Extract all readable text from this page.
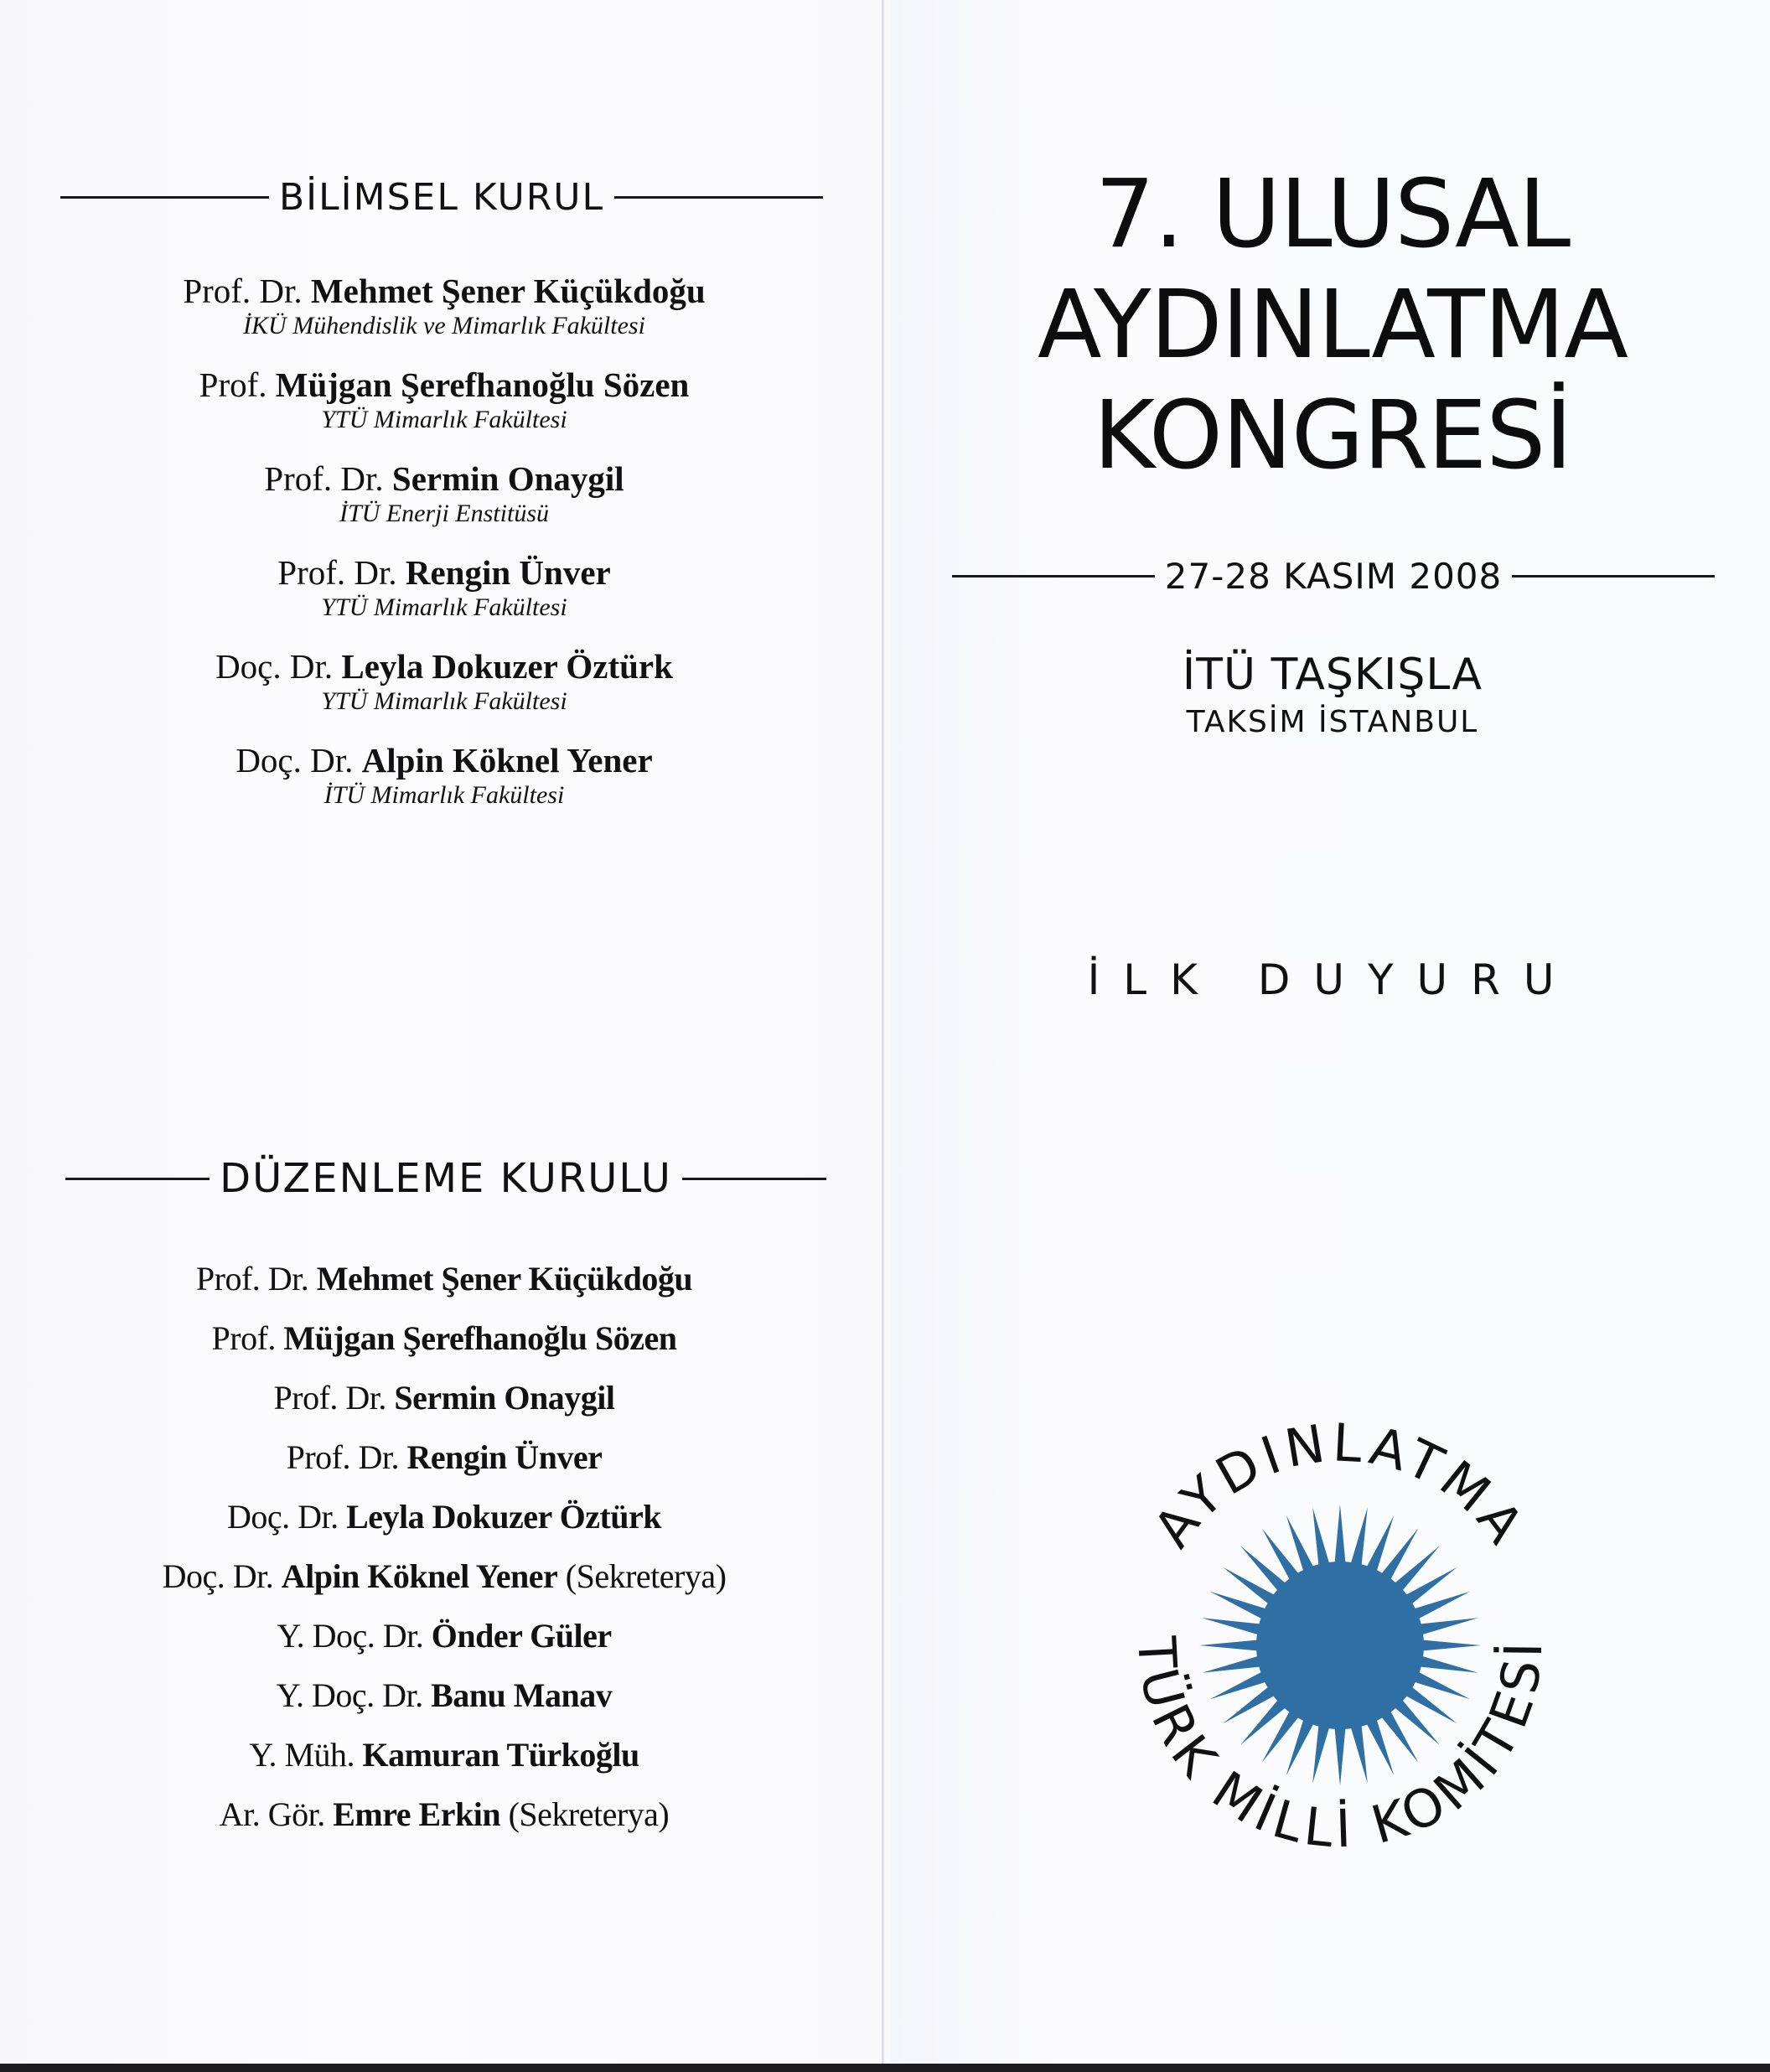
BİLİMSEL KURUL
Prof. Dr. Mehmet Şener Küçükdoğu
İKÜ Mühendislik ve Mimarlık Fakültesi
Prof. Müjgan Şerefhanoğlu Sözen
YTÜ Mimarlık Fakültesi
Prof. Dr. Sermin Onaygil
İTÜ Enerji Enstitüsü
Prof. Dr. Rengin Ünver
YTÜ Mimarlık Fakültesi
Doç. Dr. Leyla Dokuzer Öztürk
YTÜ Mimarlık Fakültesi
Doç. Dr. Alpin Köknel Yener
İTÜ Mimarlık Fakültesi
DÜZENLEME KURULU
Prof. Dr. Mehmet Şener Küçükdoğu
Prof. Müjgan Şerefhanoğlu Sözen
Prof. Dr. Sermin Onaygil
Prof. Dr. Rengin Ünver
Doç. Dr. Leyla Dokuzer Öztürk
Doç. Dr. Alpin Köknel Yener (Sekreterya)
Y. Doç. Dr. Önder Güler
Y. Doç. Dr. Banu Manav
Y. Müh. Kamuran Türkoğlu
Ar. Gör. Emre Erkin (Sekreterya)
7. ULUSAL
AYDINLATMA
KONGRESİ
27-28 KASIM 2008
İTÜ TAŞKIŞLA
TAKSİM İSTANBUL
İLK DUYURU
AYDINLATMA
TÜRK MİLLİ KOMİTESİ
